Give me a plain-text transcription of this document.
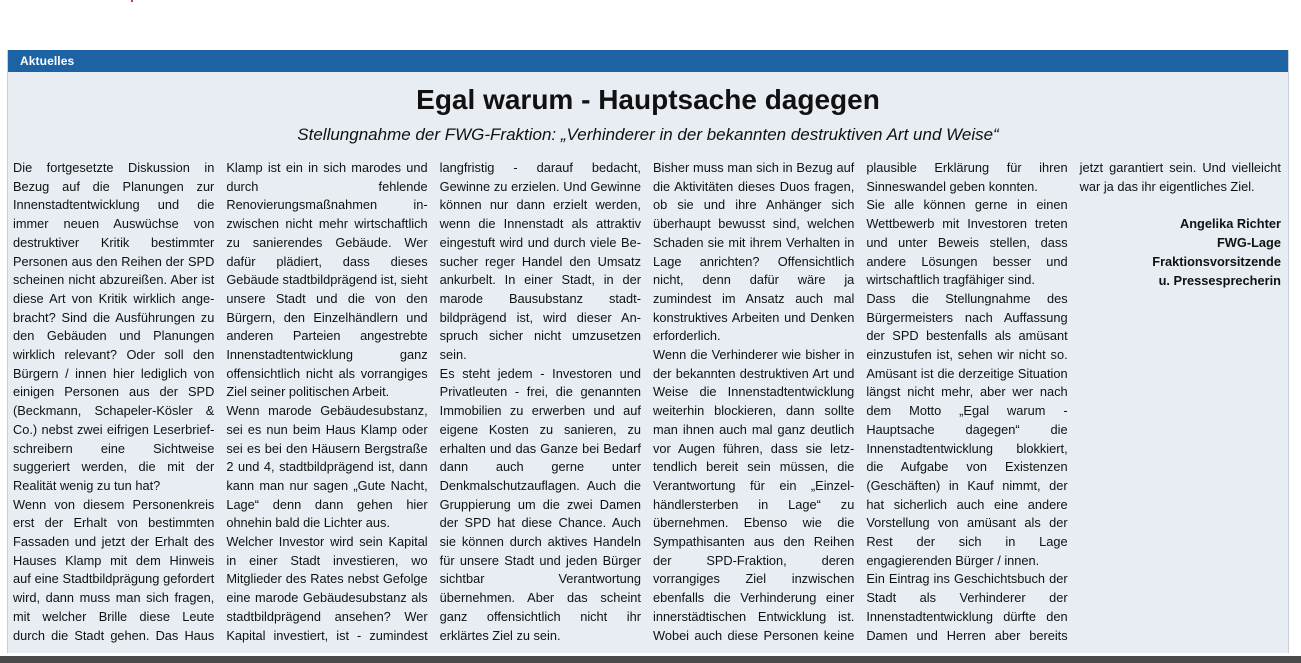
Aktuelles
Egal warum - Hauptsache dagegen
Stellungnahme der FWG-Fraktion: „Verhinderer in der bekannten destruktiven Art und Weise“

Die fortgesetzte Diskussion in Bezug auf die Planungen zur Innenstadtentwicklung und die immer neuen Auswüchse von destruktiver Kritik bestimmter Personen aus den Reihen der SPD scheinen nicht abzureißen. Aber ist diese Art von Kritik wirklich angebracht? Sind die Ausführungen zu den Gebäuden und Planungen wirklich relevant? Oder soll den Bürgern / innen hier lediglich von einigen Personen aus der SPD (Beckmann, Schapeler-Kösler & Co.) nebst zwei eifrigen Leserbriefschreibern eine Sichtweise suggeriert werden, die mit der Realität wenig zu tun hat?

Wenn von diesem Personenkreis erst der Erhalt von bestimmten Fassaden und jetzt der Erhalt des Hauses Klamp mit dem Hinweis auf eine Stadtbildprägung gefordert wird, dann muss man sich fragen, mit welcher Brille diese Leute durch die Stadt gehen. Das Haus Klamp ist ein in sich marodes und durch fehlende Renovierungsmaßnahmen inzwischen nicht mehr wirtschaftlich zu sanierendes Gebäude. Wer dafür plädiert, dass dieses Gebäude stadtbildprägend ist, sieht unsere Stadt und die von den Bürgern, den Einzelhändlern und anderen Parteien angestrebte Innenstadtentwicklung ganz offensichtlich nicht als vorrangiges Ziel seiner politischen Arbeit.

Wenn marode Gebäudesubstanz, sei es nun beim Haus Klamp oder sei es bei den Häusern Bergstraße 2 und 4, stadtbildprägend ist, dann kann man nur sagen „Gute Nacht, Lage“ denn dann gehen hier ohnehin bald die Lichter aus.

Welcher Investor wird sein Kapital in einer Stadt investieren, wo Mitglieder des Rates nebst Gefolge eine marode Gebäudesubstanz als stadtbildprägend ansehen? Wer Kapital investiert, ist - zumindest langfristig - darauf bedacht, Gewinne zu erzielen. Und Gewinne können nur dann erzielt werden, wenn die Innenstadt als attraktiv eingestuft wird und durch viele Besucher reger Handel den Umsatz ankurbelt. In einer Stadt, in der marode Bausubstanz stadtbildprägend ist, wird dieser Anspruch sicher nicht umzusetzen sein.

Es steht jedem - Investoren und Privatleuten - frei, die genannten Immobilien zu erwerben und auf eigene Kosten zu sanieren, zu erhalten und das Ganze bei Bedarf dann auch gerne unter Denkmalschutzauflagen. Auch die Gruppierung um die zwei Damen der SPD hat diese Chance. Auch sie können durch aktives Handeln für unsere Stadt und jeden Bürger sichtbar Verantwortung übernehmen. Aber das scheint ganz offensichtlich nicht ihr erklärtes Ziel zu sein.

Bisher muss man sich in Bezug auf die Aktivitäten dieses Duos fragen, ob sie und ihre Anhänger sich überhaupt bewusst sind, welchen Schaden sie mit ihrem Verhalten in Lage anrichten? Offensichtlich nicht, denn dafür wäre ja zumindest im Ansatz auch mal konstruktives Arbeiten und Denken erforderlich.

Wenn die Verhinderer wie bisher in der bekannten destruktiven Art und Weise die Innenstadtentwicklung weiterhin blockieren, dann sollte man ihnen auch mal ganz deutlich vor Augen führen, dass sie letztendlich bereit sein müssen, die Verantwortung für ein „Einzelhändlersterben in Lage“ zu übernehmen. Ebenso wie die Sympathisanten aus den Reihen der SPD-Fraktion, deren vorrangiges Ziel inzwischen ebenfalls die Verhinderung einer innerstädtischen Entwicklung ist. Wobei auch diese Personen keine plausible Erklärung für ihren Sinneswandel geben konnten.

Sie alle können gerne in einen Wettbewerb mit Investoren treten und unter Beweis stellen, dass andere Lösungen besser und wirtschaftlich tragfähiger sind.

Dass die Stellungnahme des Bürgermeisters nach Auffassung der SPD bestenfalls als amüsant einzustufen ist, sehen wir nicht so. Amüsant ist die derzeitige Situation längst nicht mehr, aber wer nach dem Motto „Egal warum - Hauptsache dagegen“ die Innenstadtentwicklung blokkiert, die Aufgabe von Existenzen (Geschäften) in Kauf nimmt, der hat sicherlich auch eine andere Vorstellung von amüsant als der Rest der sich in Lage engagierenden Bürger / innen.

Ein Eintrag ins Geschichtsbuch der Stadt als Verhinderer der Innenstadtentwicklung dürfte den Damen und Herren aber bereits jetzt garantiert sein. Und vielleicht war ja das ihr eigentliches Ziel.

Angelika Richter
FWG-Lage
Fraktionsvorsitzende
u. Pressesprecherin
